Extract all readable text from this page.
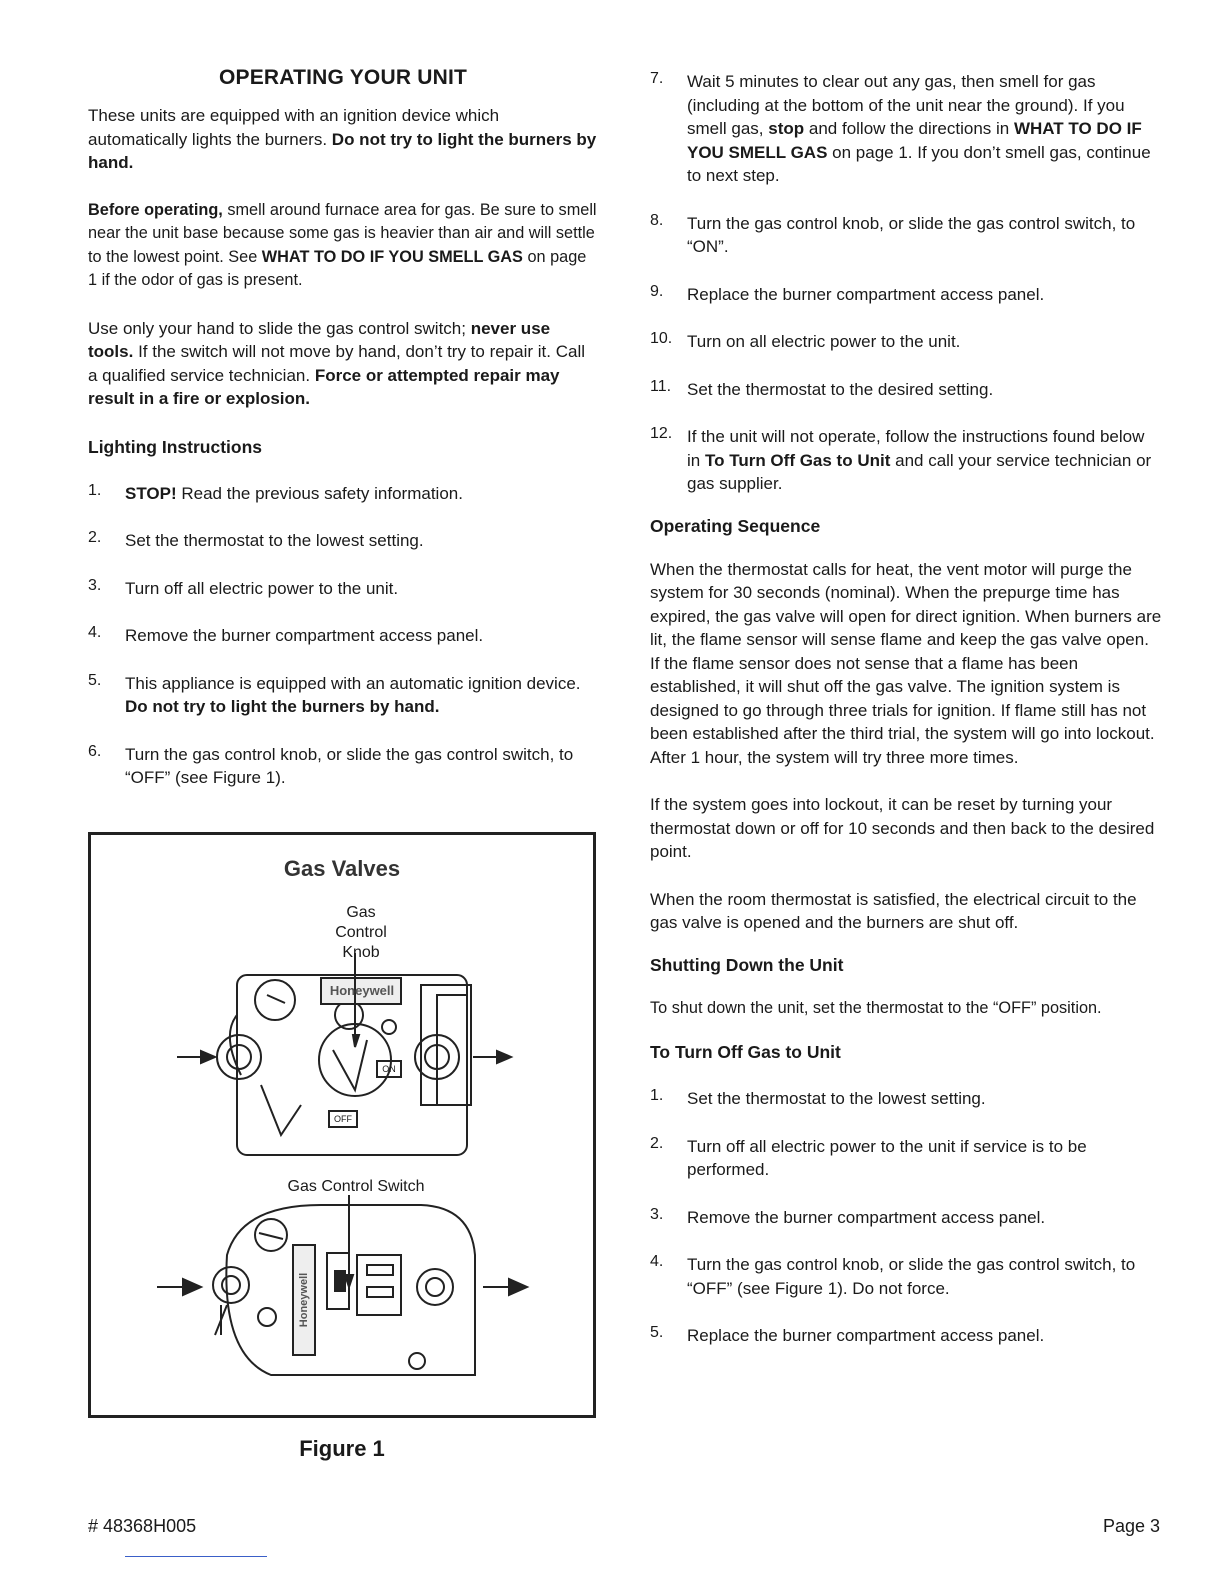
OPERATING YOUR UNIT

These units are equipped with an ignition device which automatically lights the burners. Do not try to light the burners by hand.

Before operating, smell around furnace area for gas. Be sure to smell near the unit base because some gas is heavier than air and will settle to the lowest point. See WHAT TO DO IF YOU SMELL GAS on page 1 if the odor of gas is present.

Use only your hand to slide the gas control switch; never use tools. If the switch will not move by hand, don’t try to repair it. Call a qualified service technician. Force or attempted repair may result in a fire or explosion.

Lighting Instructions
1.	STOP! Read the previous safety information.

2.	Set the thermostat to the lowest setting.

3.	Turn off all electric power to the unit.

4.	Remove the burner compartment access panel.

5.	This appliance is equipped with an automatic ignition device. Do not try to light the burners by hand.

6.	Turn the gas control knob, or slide the gas control switch, to “OFF” (see Figure 1).

Gas Valves
Gas
Control
Knob
Gas Control Switch
Honeywell
ON
OFF
Honeywell
Figure 1
7.	Wait 5 minutes to clear out any gas, then smell for gas (including at the bottom of the unit near the ground). If you smell gas, stop and follow the directions in WHAT TO DO IF YOU SMELL GAS on page 1. If you don’t smell gas, continue to next step.

8.	Turn the gas control knob, or slide the gas control switch, to “ON”.

9.	Replace the burner compartment access panel.

10. Turn on all electric power to the unit.

11. Set the thermostat to the desired setting.

12. If the unit will not operate, follow the instructions found below in To Turn Off Gas to Unit and call your service technician or gas supplier.

Operating Sequence

When the thermostat calls for heat, the vent motor will purge the system for 30 seconds (nominal). When the prepurge time has expired, the gas valve will open for direct ignition. When burners are lit, the flame sensor will sense flame and keep the gas valve open. If the flame sensor does not sense that a flame has been established, it will shut off the gas valve. The ignition system is designed to go through three trials for ignition. If flame still has not been established after the third trial, the system will go into lockout. After 1 hour, the system will try three more times.

If the system goes into lockout, it can be reset by turning your thermostat down or off for 10 seconds and then back to the desired point.

When the room thermostat is satisfied, the electrical circuit to the gas valve is opened and the burners are shut off.

Shutting Down the Unit

To shut down the unit, set the thermostat to the “OFF” position.

To Turn Off Gas to Unit
1.	Set the thermostat to the lowest setting.

2.	Turn off all electric power to the unit if service is to be performed.

3.	Remove the burner compartment access panel.

4.	Turn the gas control knob, or slide the gas control switch, to “OFF” (see Figure 1). Do not force.

5.	Replace the burner compartment access panel.

# 48368H005	Page 3
